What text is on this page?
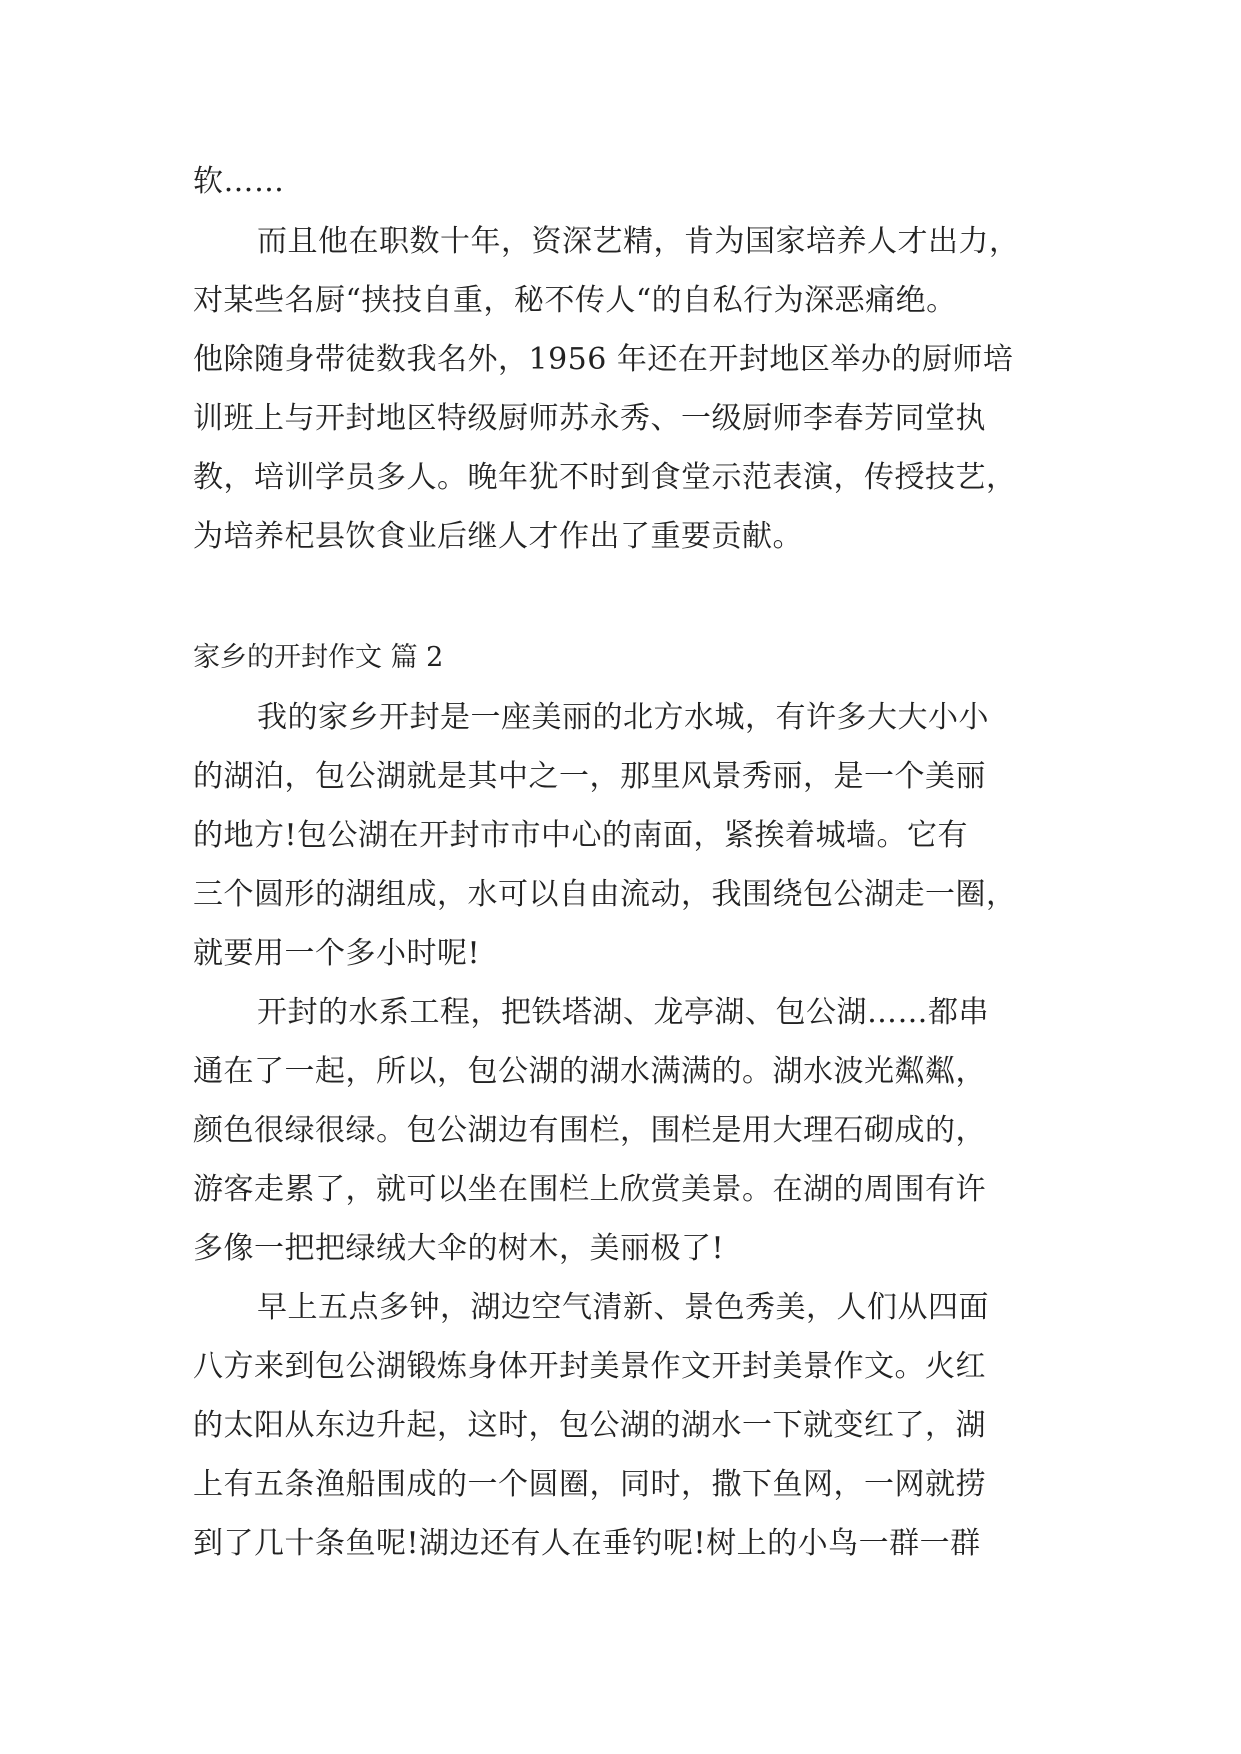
软……
而且他在职数十年，资深艺精，肯为国家培养人才出力，
对某些名厨“挟技自重，秘不传人“的自私行为深恶痛绝。
他除随身带徒数我名外，1956 年还在开封地区举办的厨师培
训班上与开封地区特级厨师苏永秀、一级厨师李春芳同堂执
教，培训学员多人。晚年犹不时到食堂示范表演，传授技艺，
为培养杞县饮食业后继人才作出了重要贡献。
家乡的开封作文 篇 2
我的家乡开封是一座美丽的北方水城，有许多大大小小
的湖泊，包公湖就是其中之一，那里风景秀丽，是一个美丽
的地方!包公湖在开封市市中心的南面，紧挨着城墙。它有
三个圆形的湖组成，水可以自由流动，我围绕包公湖走一圈，
就要用一个多小时呢!
开封的水系工程，把铁塔湖、龙亭湖、包公湖……都串
通在了一起，所以，包公湖的湖水满满的。湖水波光粼粼，
颜色很绿很绿。包公湖边有围栏，围栏是用大理石砌成的，
游客走累了，就可以坐在围栏上欣赏美景。在湖的周围有许
多像一把把绿绒大伞的树木，美丽极了!
早上五点多钟，湖边空气清新、景色秀美，人们从四面
八方来到包公湖锻炼身体开封美景作文开封美景作文。火红
的太阳从东边升起，这时，包公湖的湖水一下就变红了，湖
上有五条渔船围成的一个圆圈，同时，撒下鱼网，一网就捞
到了几十条鱼呢!湖边还有人在垂钓呢!树上的小鸟一群一群
